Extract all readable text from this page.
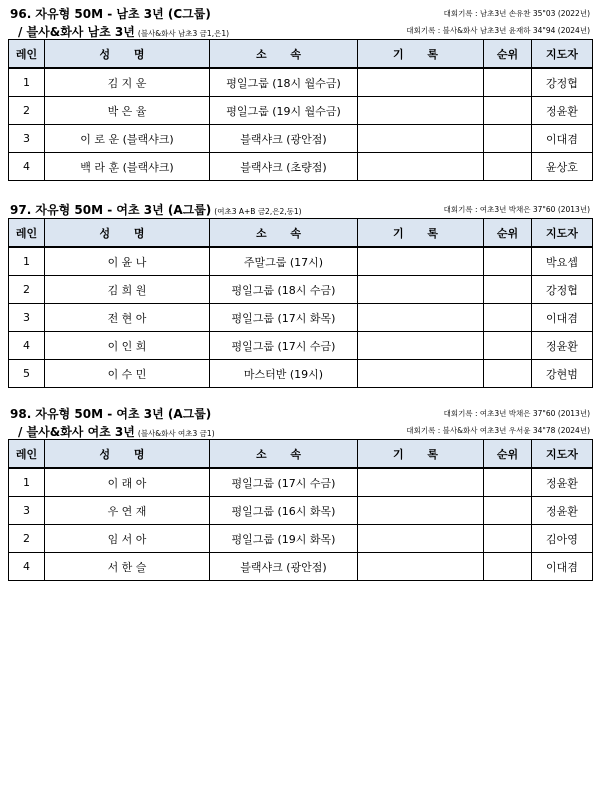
96. 자유형 50M - 남초 3년 (C그룹)	대회기록 : 남초3년 손유찬 35"03 (2022년)
/ 블사&화사 남초 3년 (블사&화사 남초3 금1,은1)	대회기록 : 블사&화사 남초3년 윤재하 34"94 (2024년)
레인	성 명	소 속	기 록	순위	지도자
1	김 지 운	평일그룹 (18시 월수금)			강정협
2	박 은 율	평일그룹 (19시 월수금)			정윤환
3	이 로 운 (블랙샤크)	블랙샤크 (광안점)			이대겸
4	백 라 훈 (블랙샤크)	블랙샤크 (초량점)			윤상호
97. 자유형 50M - 여초 3년 (A그룹) (여초3 A+B 금2,은2,동1)	대회기록 : 여초3년 박채은 37"60 (2013년)
레인	성 명	소 속	기 록	순위	지도자
1	이 윤 나	주말그룹 (17시)			박요셉
2	김 희 원	평일그룹 (18시 수금)			강정협
3	전 현 아	평일그룹 (17시 화목)			이대겸
4	이 인 희	평일그룹 (17시 수금)			정윤환
5	이 수 민	마스터반 (19시)			강현범
98. 자유형 50M - 여초 3년 (A그룹)	대회기록 : 여초3년 박채은 37"60 (2013년)
/ 블사&화사 여초 3년 (블사&화사 여초3 금1)	대회기록 : 블사&화사 여초3년 우서윤 34"78 (2024년)
레인	성 명	소 속	기 록	순위	지도자
1	이 래 아	평일그룹 (17시 수금)			정윤환
3	우 연 재	평일그룹 (16시 화목)			정윤환
2	임 서 아	평일그룹 (19시 화목)			김아영
4	서 한 슬	블랙샤크 (광안점)			이대겸
